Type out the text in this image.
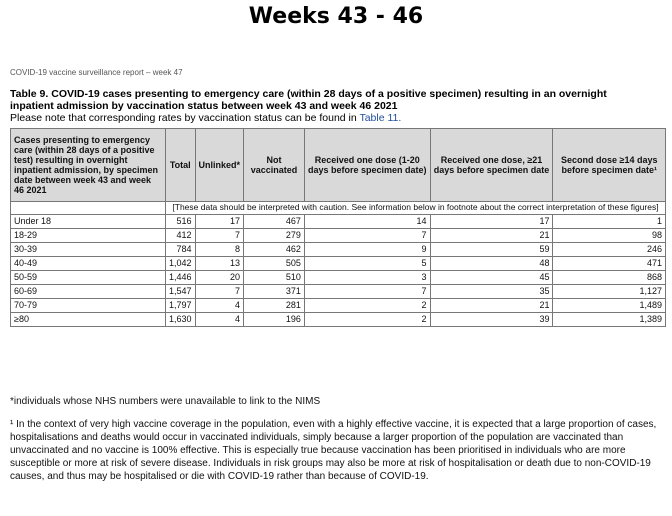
Weeks 43 - 46
COVID-19 vaccine surveillance report – week 47
Table 9. COVID-19 cases presenting to emergency care (within 28 days of a positive specimen) resulting in an overnight inpatient admission by vaccination status between week 43 and week 46 2021
Please note that corresponding rates by vaccination status can be found in Table 11.
Cases presenting to emergency care (within 28 days of a positive test) resulting in overnight inpatient admission, by specimen date between week 43 and week 46 2021	Total	Unlinked*	Not vaccinated	Received one dose (1-20 days before specimen date)	Received one dose, ≥21 days before specimen date	Second dose ≥14 days before specimen date¹
	[These data should be interpreted with caution. See information below in footnote about the correct interpretation of these figures]					
Under 18	516	17	467	14	17	1
18-29	412	7	279	7	21	98
30-39	784	8	462	9	59	246
40-49	1,042	13	505	5	48	471
50-59	1,446	20	510	3	45	868
60-69	1,547	7	371	7	35	1,127
70-79	1,797	4	281	2	21	1,489
≥80	1,630	4	196	2	39	1,389
*individuals whose NHS numbers were unavailable to link to the NIMS
¹ In the context of very high vaccine coverage in the population, even with a highly effective vaccine, it is expected that a large proportion of cases, hospitalisations and deaths would occur in vaccinated individuals, simply because a larger proportion of the population are vaccinated than unvaccinated and no vaccine is 100% effective. This is especially true because vaccination has been prioritised in individuals who are more susceptible or more at risk of severe disease. Individuals in risk groups may also be more at risk of hospitalisation or death due to non-COVID-19 causes, and thus may be hospitalised or die with COVID-19 rather than because of COVID-19.
